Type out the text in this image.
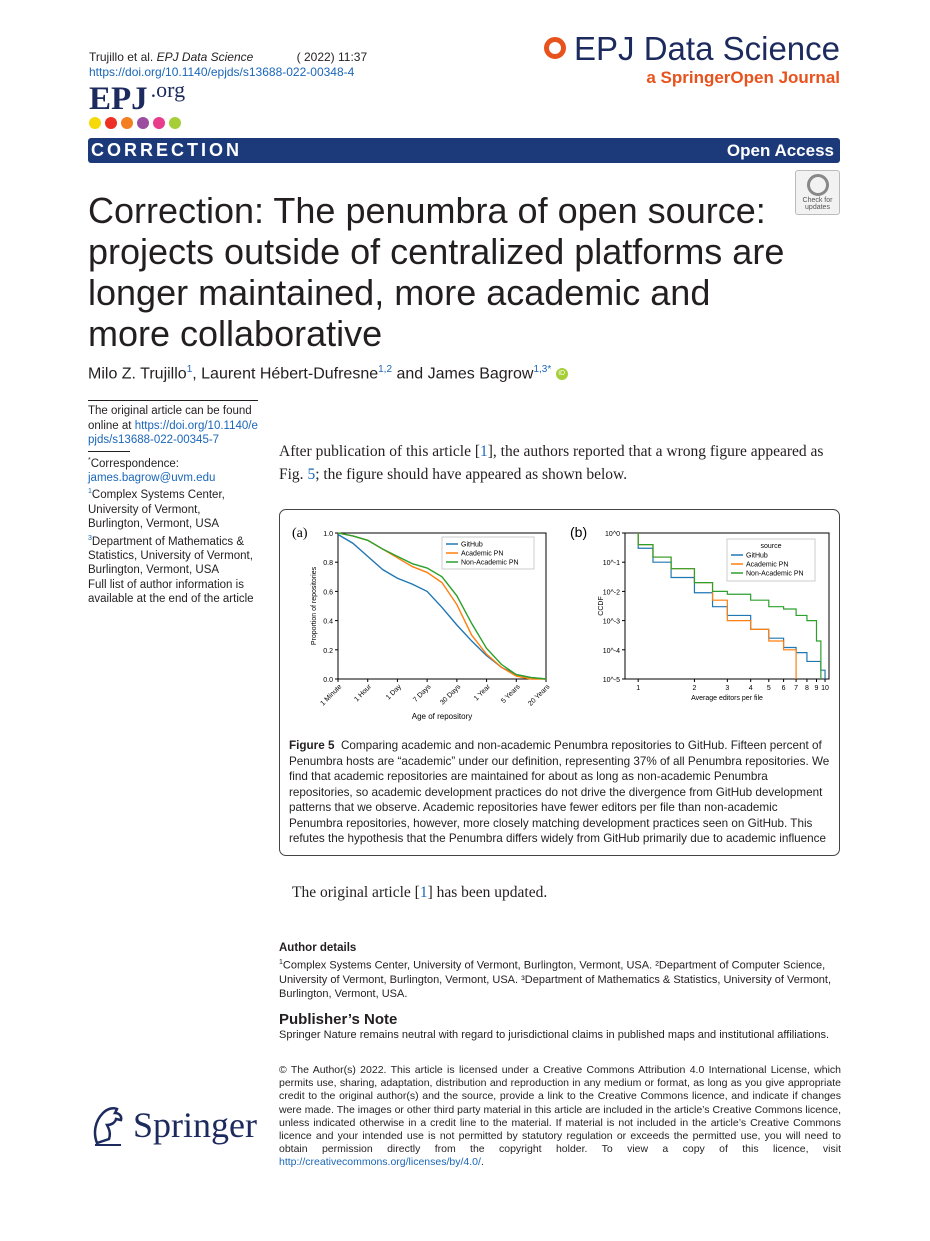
Trujillo et al. EPJ Data Science	( 2022) 11:37
https://doi.org/10.1140/epjds/s13688-022-00348-4
EPJ $^{.org}$
EPJ Data Science
a SpringerOpen Journal
CORRECTION	Open Access
Check for updates
Correction: The penumbra of open source: projects outside of centralized platforms are longer maintained, more academic and more collaborative
Milo Z. Trujillo$^1$, Laurent Hébert-Dufresne$^{1,2}$ and James Bagrow$^{1,3*}$ iD
The original article can be found online at https://doi.org/10.1140/epjds/s13688-022-00345-7
*Correspondence:
james.bagrow@uvm.edu
$^1$Complex Systems Center, University of Vermont, Burlington, Vermont, USA
$^3$Department of Mathematics & Statistics, University of Vermont, Burlington, Vermont, USA
Full list of author information is available at the end of the article
After publication of this article [1], the authors reported that a wrong figure appeared as Fig. 5; the figure should have appeared as shown below.
(a)	(b)
0.0
0.2
0.4
0.6
0.8
1.0
1 Minute 1 Hour 1 Day 7 Days 30 Days 1 Year 5 Years 20 Years
Age of repository
Proportion of repositories
GitHub
Academic PN
Non-Academic PN
10^-5
10^-4
10^-3
10^-2
10^-1
10^0
1	2	3	4 5 6 7 8 9 10
Average editors per file
CCDF
source
GitHub
Academic PN
Non-Academic PN
Figure 5 Comparing academic and non-academic Penumbra repositories to GitHub. Fifteen percent of Penumbra hosts are “academic” under our definition, representing 37% of all Penumbra repositories. We find that academic repositories are maintained for about as long as non-academic Penumbra repositories, so academic development practices do not drive the divergence from GitHub development patterns that we observe. Academic repositories have fewer editors per file than non-academic Penumbra repositories, however, more closely matching development practices seen on GitHub. This refutes the hypothesis that the Penumbra differs widely from GitHub primarily due to academic influence
The original article [1] has been updated.
Author details
$^1$Complex Systems Center, University of Vermont, Burlington, Vermont, USA. ²Department of Computer Science, University of Vermont, Burlington, Vermont, USA. ³Department of Mathematics & Statistics, University of Vermont, Burlington, Vermont, USA.
Publisher’s Note
Springer Nature remains neutral with regard to jurisdictional claims in published maps and institutional affiliations.
© The Author(s) 2022. This article is licensed under a Creative Commons Attribution 4.0 International License, which permits use, sharing, adaptation, distribution and reproduction in any medium or format, as long as you give appropriate credit to the original author(s) and the source, provide a link to the Creative Commons licence, and indicate if changes were made. The images or other third party material in this article are included in the article’s Creative Commons licence, unless indicated otherwise in a credit line to the material. If material is not included in the article’s Creative Commons licence and your intended use is not permitted by statutory regulation or exceeds the permitted use, you will need to obtain permission directly from the copyright holder. To view a copy of this licence, visit http://creativecommons.org/licenses/by/4.0/.
Springer
